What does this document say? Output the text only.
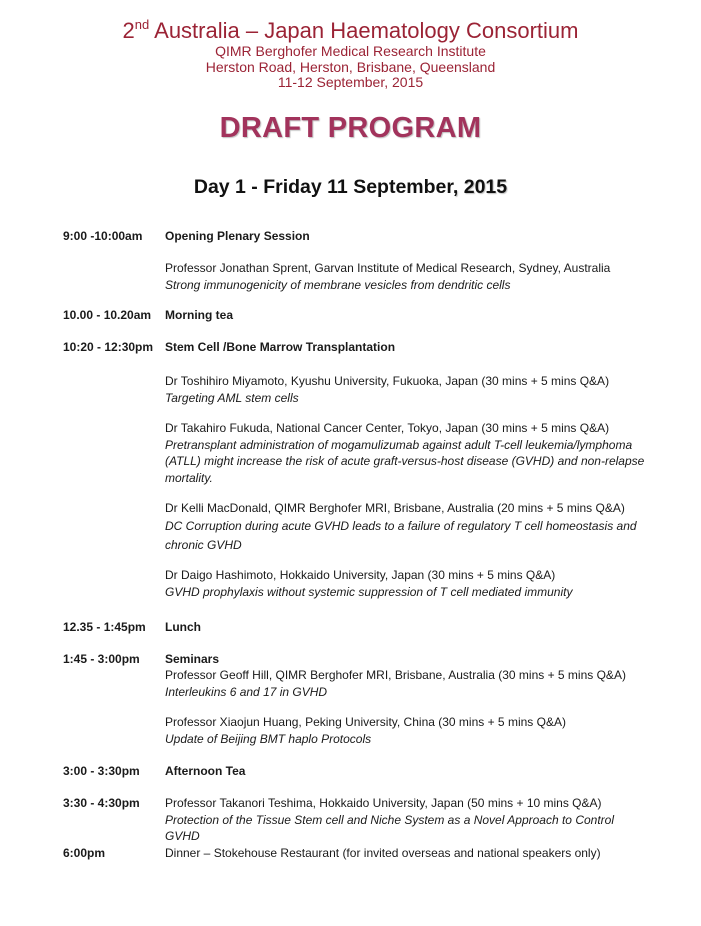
2nd Australia – Japan Haematology Consortium
QIMR Berghofer Medical Research Institute
Herston Road, Herston, Brisbane, Queensland
11-12 September, 2015
DRAFT PROGRAM
Day 1 - Friday 11 September, 2015
9:00 -10:00am Opening Plenary Session
Professor Jonathan Sprent, Garvan Institute of Medical Research, Sydney, Australia
Strong immunogenicity of membrane vesicles from dendritic cells
10.00 - 10.20am Morning tea
10:20 - 12:30pm Stem Cell /Bone Marrow Transplantation
Dr Toshihiro Miyamoto, Kyushu University, Fukuoka, Japan (30 mins + 5 mins Q&A)
Targeting AML stem cells
Dr Takahiro Fukuda, National Cancer Center, Tokyo, Japan (30 mins + 5 mins Q&A)
Pretransplant administration of mogamulizumab against adult T-cell leukemia/lymphoma (ATLL) might increase the risk of acute graft-versus-host disease (GVHD) and non-relapse mortality.
Dr Kelli MacDonald, QIMR Berghofer MRI, Brisbane, Australia (20 mins + 5 mins Q&A)
DC Corruption during acute GVHD leads to a failure of regulatory T cell homeostasis and chronic GVHD
Dr Daigo Hashimoto, Hokkaido University, Japan (30 mins + 5 mins Q&A)
GVHD prophylaxis without systemic suppression of T cell mediated immunity
12.35 - 1:45pm Lunch
1:45 - 3:00pm Seminars
Professor Geoff Hill, QIMR Berghofer MRI, Brisbane, Australia (30 mins + 5 mins Q&A)
Interleukins 6 and 17 in GVHD
Professor Xiaojun Huang, Peking University, China (30 mins + 5 mins Q&A)
Update of Beijing BMT haplo Protocols
3:00 - 3:30pm Afternoon Tea
3:30 - 4:30pm Professor Takanori Teshima, Hokkaido University, Japan (50 mins + 10 mins Q&A)
Protection of the Tissue Stem cell and Niche System as a Novel Approach to Control GVHD
6:00pm	Dinner – Stokehouse Restaurant (for invited overseas and national speakers only)
